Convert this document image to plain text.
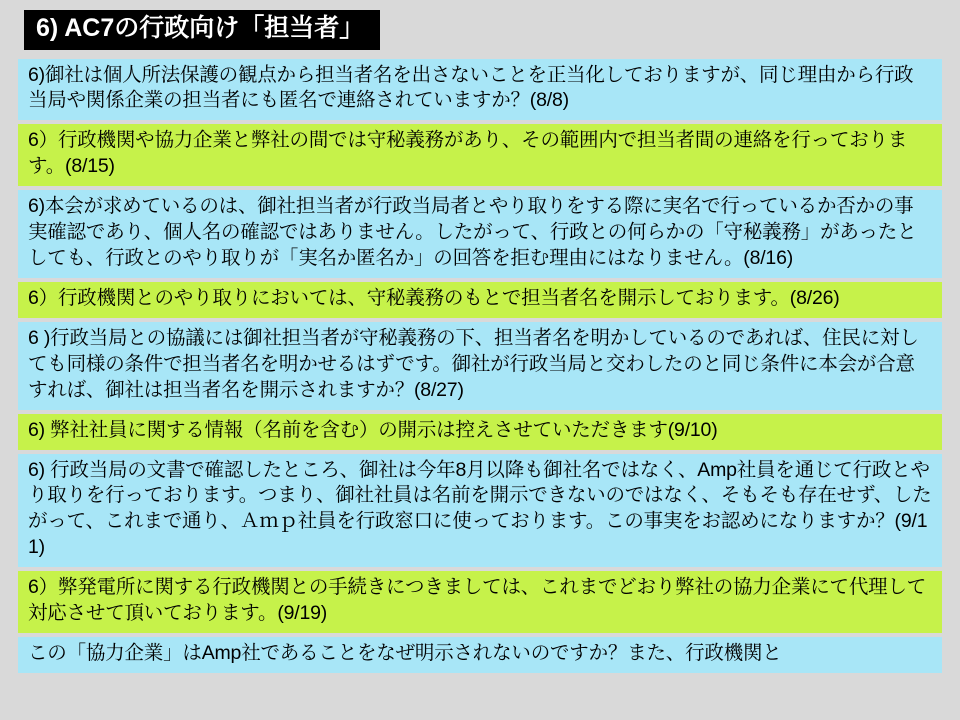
6) AC7の行政向け「担当者」
6)御社は個人所法保護の観点から担当者名を出さないことを正当化しておりますが、同じ理由から行政当局や関係企業の担当者にも匿名で連絡されていますか？(8/8)
6）行政機関や協力企業と弊社の間では守秘義務があり、その範囲内で担当者間の連絡を行っております。(8/15)
6)本会が求めているのは、御社担当者が行政当局者とやり取りをする際に実名で行っているか否かの事実確認であり、個人名の確認ではありません。したがって、行政との何らかの「守秘義務」があったとしても、行政とのやり取りが「実名か匿名か」の回答を拒む理由にはなりません。(8/16)
6）行政機関とのやり取りにおいては、守秘義務のもとで担当者名を開示しております。(8/26)
6 )行政当局との協議には御社担当者が守秘義務の下、担当者名を明かしているのであれば、住民に対しても同様の条件で担当者名を明かせるはずです。御社が行政当局と交わしたのと同じ条件に本会が合意すれば、御社は担当者名を開示されますか？(8/27)
6) 弊社社員に関する情報（名前を含む）の開示は控えさせていただきます(9/10)
6) 行政当局の文書で確認したところ、御社は今年8月以降も御社名ではなく、Amp社員を通じて行政とやり取りを行っております。つまり、御社社員は名前を開示できないのではなく、そもそも存在せず、したがって、これまで通り、Ａｍｐ社員を行政窓口に使っております。この事実をお認めになりますか？(9/11)
6）弊発電所に関する行政機関との手続きにつきましては、これまでどおり弊社の協力企業にて代理して対応させて頂いております。(9/19)
この「協力企業」はAmp社であることをなぜ明示されないのですか？また、行政機関と
